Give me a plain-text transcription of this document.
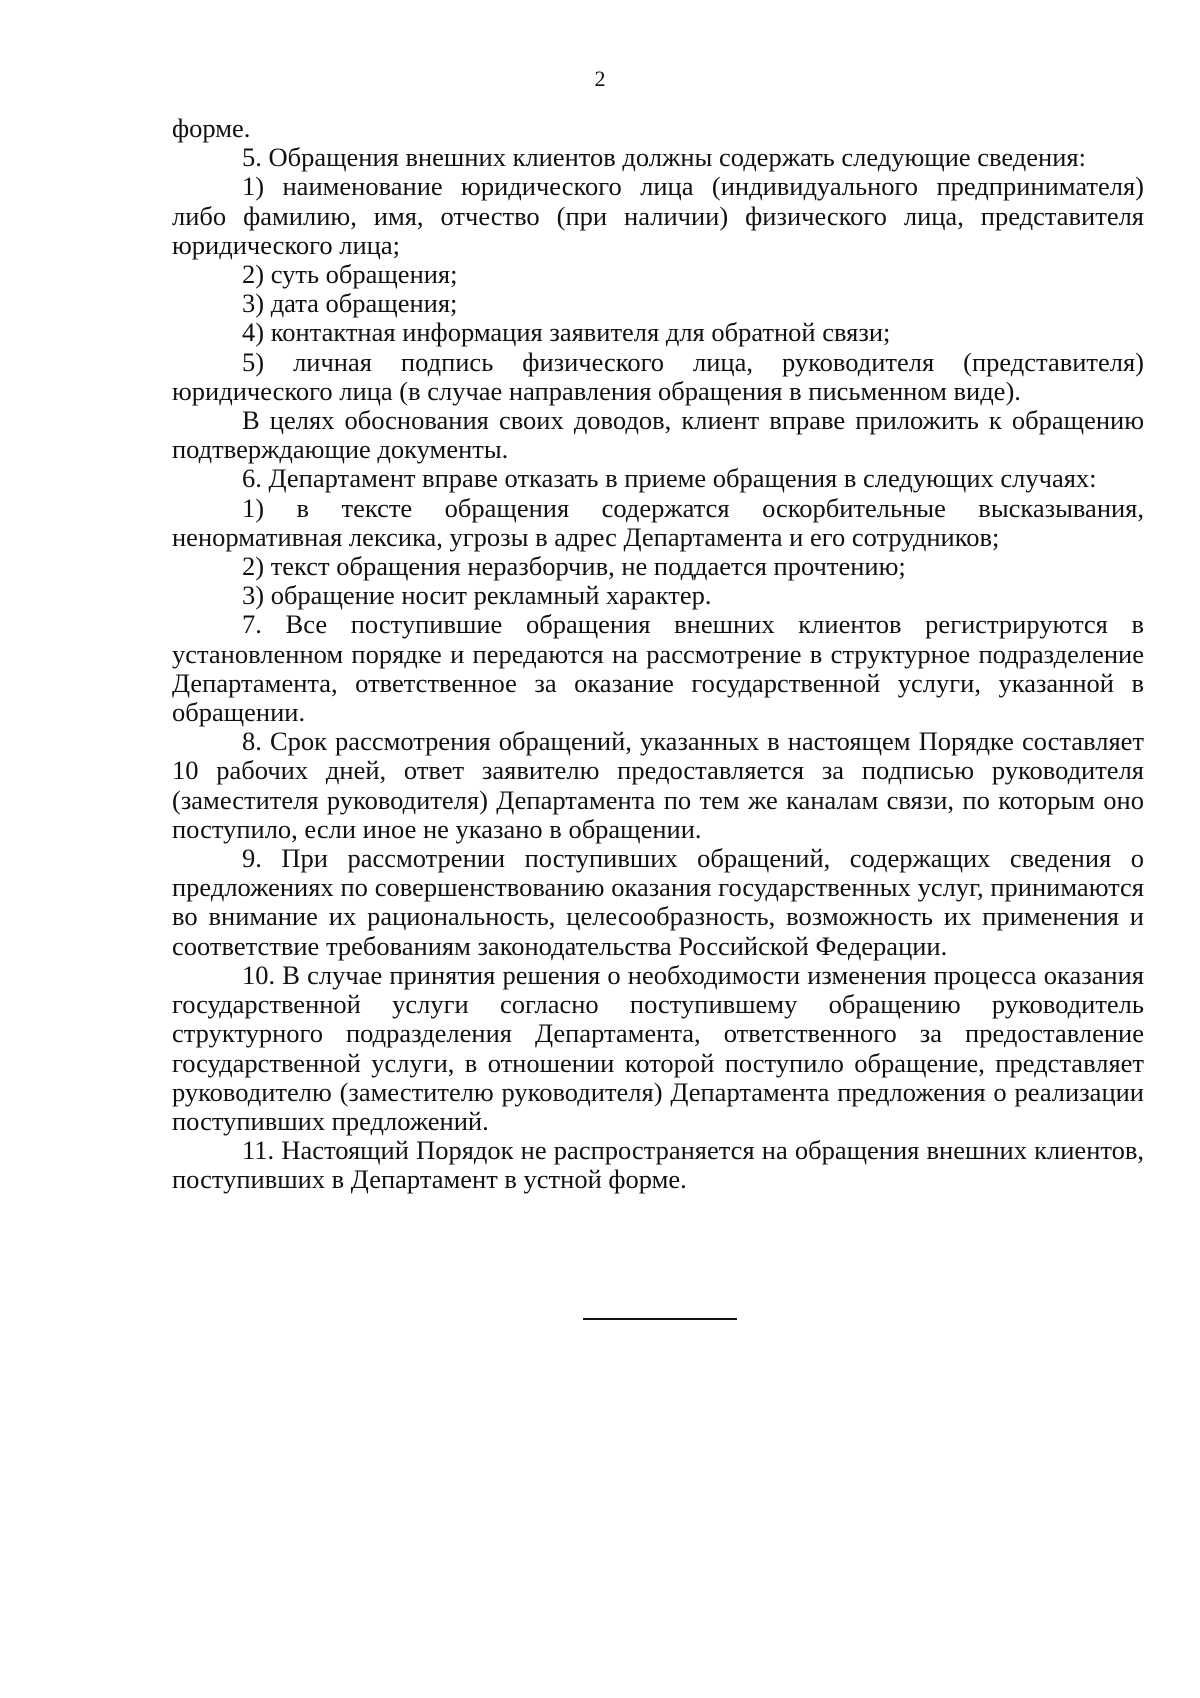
2

форме.

5. Обращения внешних клиентов должны содержать следующие сведения:

1) наименование юридического лица (индивидуального предпринимателя) либо фамилию, имя, отчество (при наличии) физического лица, представителя юридического лица;

2) суть обращения;

3) дата обращения;

4) контактная информация заявителя для обратной связи;

5) личная подпись физического лица, руководителя (представителя) юридического лица (в случае направления обращения в письменном виде).

В целях обоснования своих доводов, клиент вправе приложить к обращению подтверждающие документы.

6. Департамент вправе отказать в приеме обращения в следующих случаях:

1) в тексте обращения содержатся оскорбительные высказывания, ненормативная лексика, угрозы в адрес Департамента и его сотрудников;

2) текст обращения неразборчив, не поддается прочтению;

3) обращение носит рекламный характер.

7. Все поступившие обращения внешних клиентов регистрируются в установленном порядке и передаются на рассмотрение в структурное подразделение Департамента, ответственное за оказание государственной услуги, указанной в обращении.

8. Срок рассмотрения обращений, указанных в настоящем Порядке составляет 10 рабочих дней, ответ заявителю предоставляется за подписью руководителя (заместителя руководителя) Департамента по тем же каналам связи, по которым оно поступило, если иное не указано в обращении.

9. При рассмотрении поступивших обращений, содержащих сведения о предложениях по совершенствованию оказания государственных услуг, принимаются во внимание их рациональность, целесообразность, возможность их применения и соответствие требованиям законодательства Российской Федерации.

10. В случае принятия решения о необходимости изменения процесса оказания государственной услуги согласно поступившему обращению руководитель структурного подразделения Департамента, ответственного за предоставление государственной услуги, в отношении которой поступило обращение, представляет руководителю (заместителю руководителя) Департамента предложения о реализации поступивших предложений.

11. Настоящий Порядок не распространяется на обращения внешних клиентов, поступивших в Департамент в устной форме.
